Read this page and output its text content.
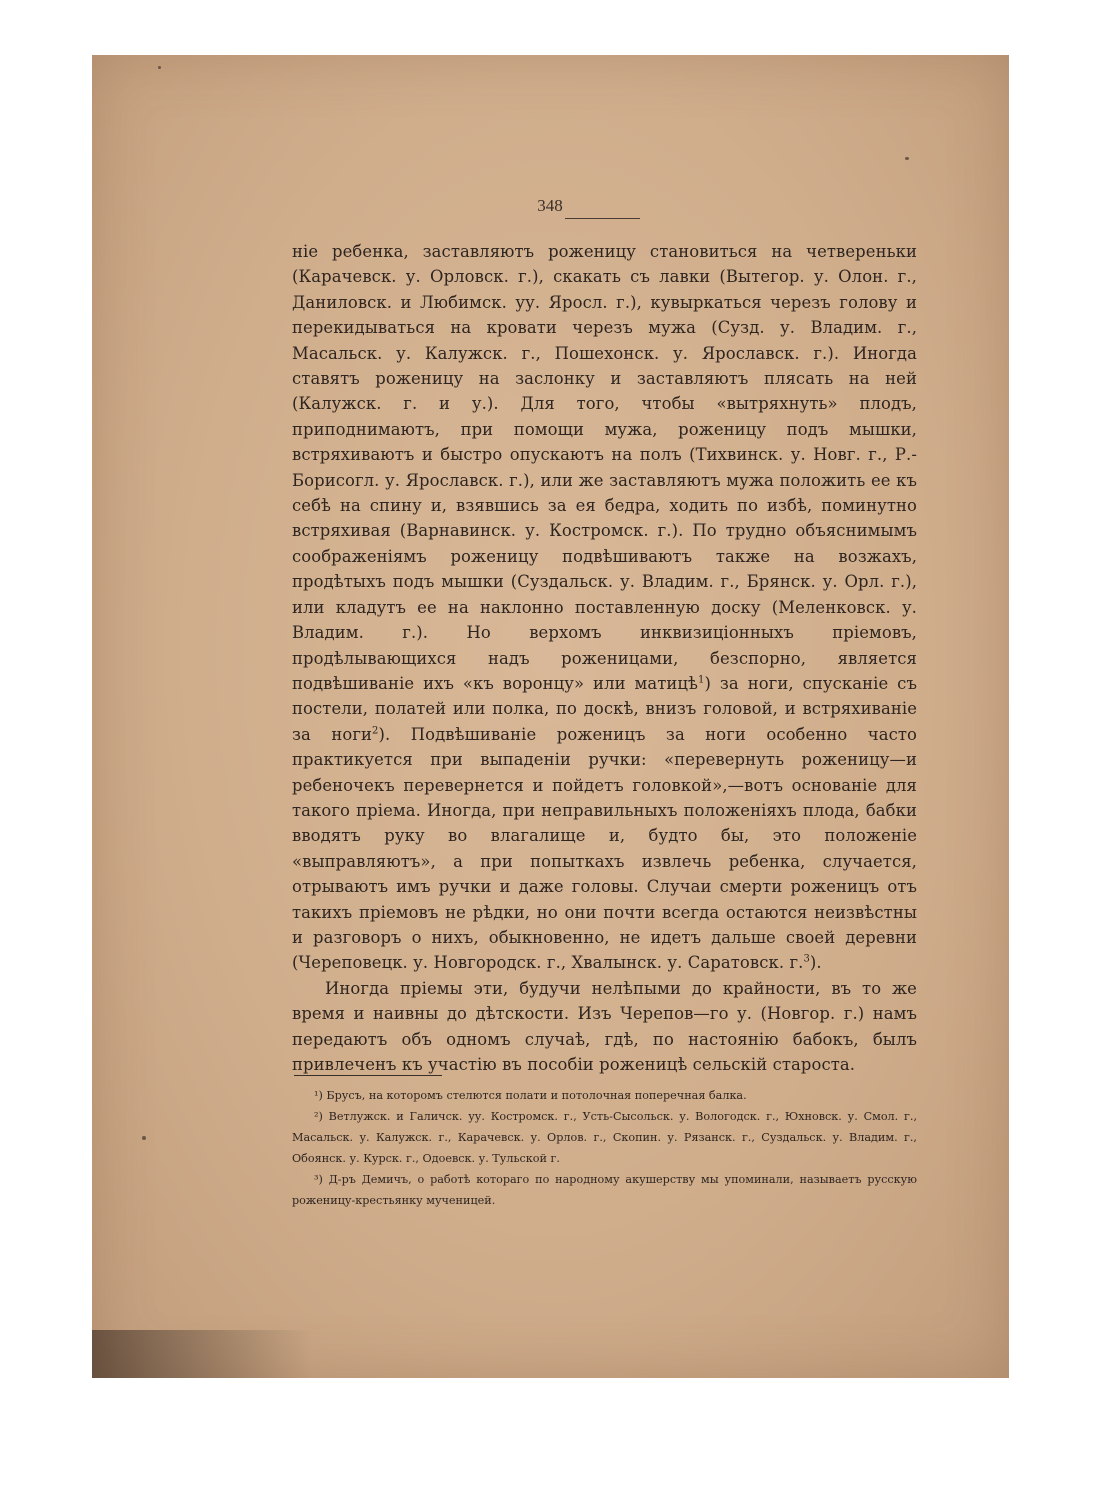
348

ніе ребенка, заставляютъ роженицу становиться на четвереньки (Карачевск. у. Орловск. г.), скакать съ лавки (Вытегор. у. Олон. г., Даниловск. и Любимск. уу. Яросл. г.), кувыркаться черезъ голову и перекидываться на кровати черезъ мужа (Сузд. у. Владим. г., Масальск. у. Калужск. г., Пошехонск. у. Ярославск. г.). Иногда ставятъ роженицу на заслонку и заставляютъ плясать на ней (Калужск. г. и у.). Для того, чтобы «вытряхнуть» плодъ, приподнимаютъ, при помощи мужа, роженицу подъ мышки, встряхиваютъ и быстро опускаютъ на полъ (Тихвинск. у. Новг. г., Р.-Борисогл. у. Ярославск. г.), или же заставляютъ мужа положить ее къ себѣ на спину и, взявшись за ея бедра, ходить по избѣ, поминутно встряхивая (Варнавинск. у. Костромск. г.). По трудно объяснимымъ соображеніямъ роженицу подвѣшиваютъ также на возжахъ, продѣтыхъ подъ мышки (Суздальск. у. Владим. г., Брянск. у. Орл. г.), или кладутъ ее на наклонно поставленную доску (Меленковск. у. Владим. г.). Но верхомъ инквизиціонныхъ пріемовъ, продѣлывающихся надъ роженицами, безспорно, является подвѣшиваніе ихъ «къ воронцу» или матицѣ$^1$) за ноги, спусканіе съ постели, полатей или полка, по доскѣ, внизъ головой, и встряхиваніе за ноги$^2$). Подвѣшиваніе роженицъ за ноги особенно часто практикуется при выпаденіи ручки: «перевернуть роженицу—и ребеночекъ перевернется и пойдетъ головкой»,—вотъ основаніе для такого пріема. Иногда, при неправильныхъ положеніяхъ плода, бабки вводятъ руку во влагалище и, будто бы, это положеніе «выправляютъ», а при попыткахъ извлечь ребенка, случается, отрываютъ имъ ручки и даже головы. Случаи смерти роженицъ отъ такихъ пріемовъ не рѣдки, но они почти всегда остаются неизвѣстны и разговоръ о нихъ, обыкновенно, не идетъ дальше своей деревни (Череповецк. у. Новгородск. г., Хвалынск. у. Саратовск. г.$^3$).

Иногда пріемы эти, будучи нелѣпыми до крайности, въ то же время и наивны до дѣтскости. Изъ Черепов—го у. (Новгор. г.) намъ передаютъ объ одномъ случаѣ, гдѣ, по настоянію бабокъ, былъ привлеченъ къ участію въ пособіи роженицѣ сельскій староста.

¹) Брусъ, на которомъ стелются полати и потолочная поперечная балка.

²) Ветлужск. и Галичск. уу. Костромск. г., Усть-Сысольск. у. Вологодск. г., Юхновск. у. Смол. г., Масальск. у. Калужск. г., Карачевск. у. Орлов. г., Скопин. у. Рязанск. г., Суздальск. у. Владим. г., Обоянск. у. Курск. г., Одоевск. у. Тульской г.

³) Д-ръ Демичъ, о работѣ котораго по народному акушерству мы упоминали, называетъ русскую роженицу-крестьянку мученицей.
